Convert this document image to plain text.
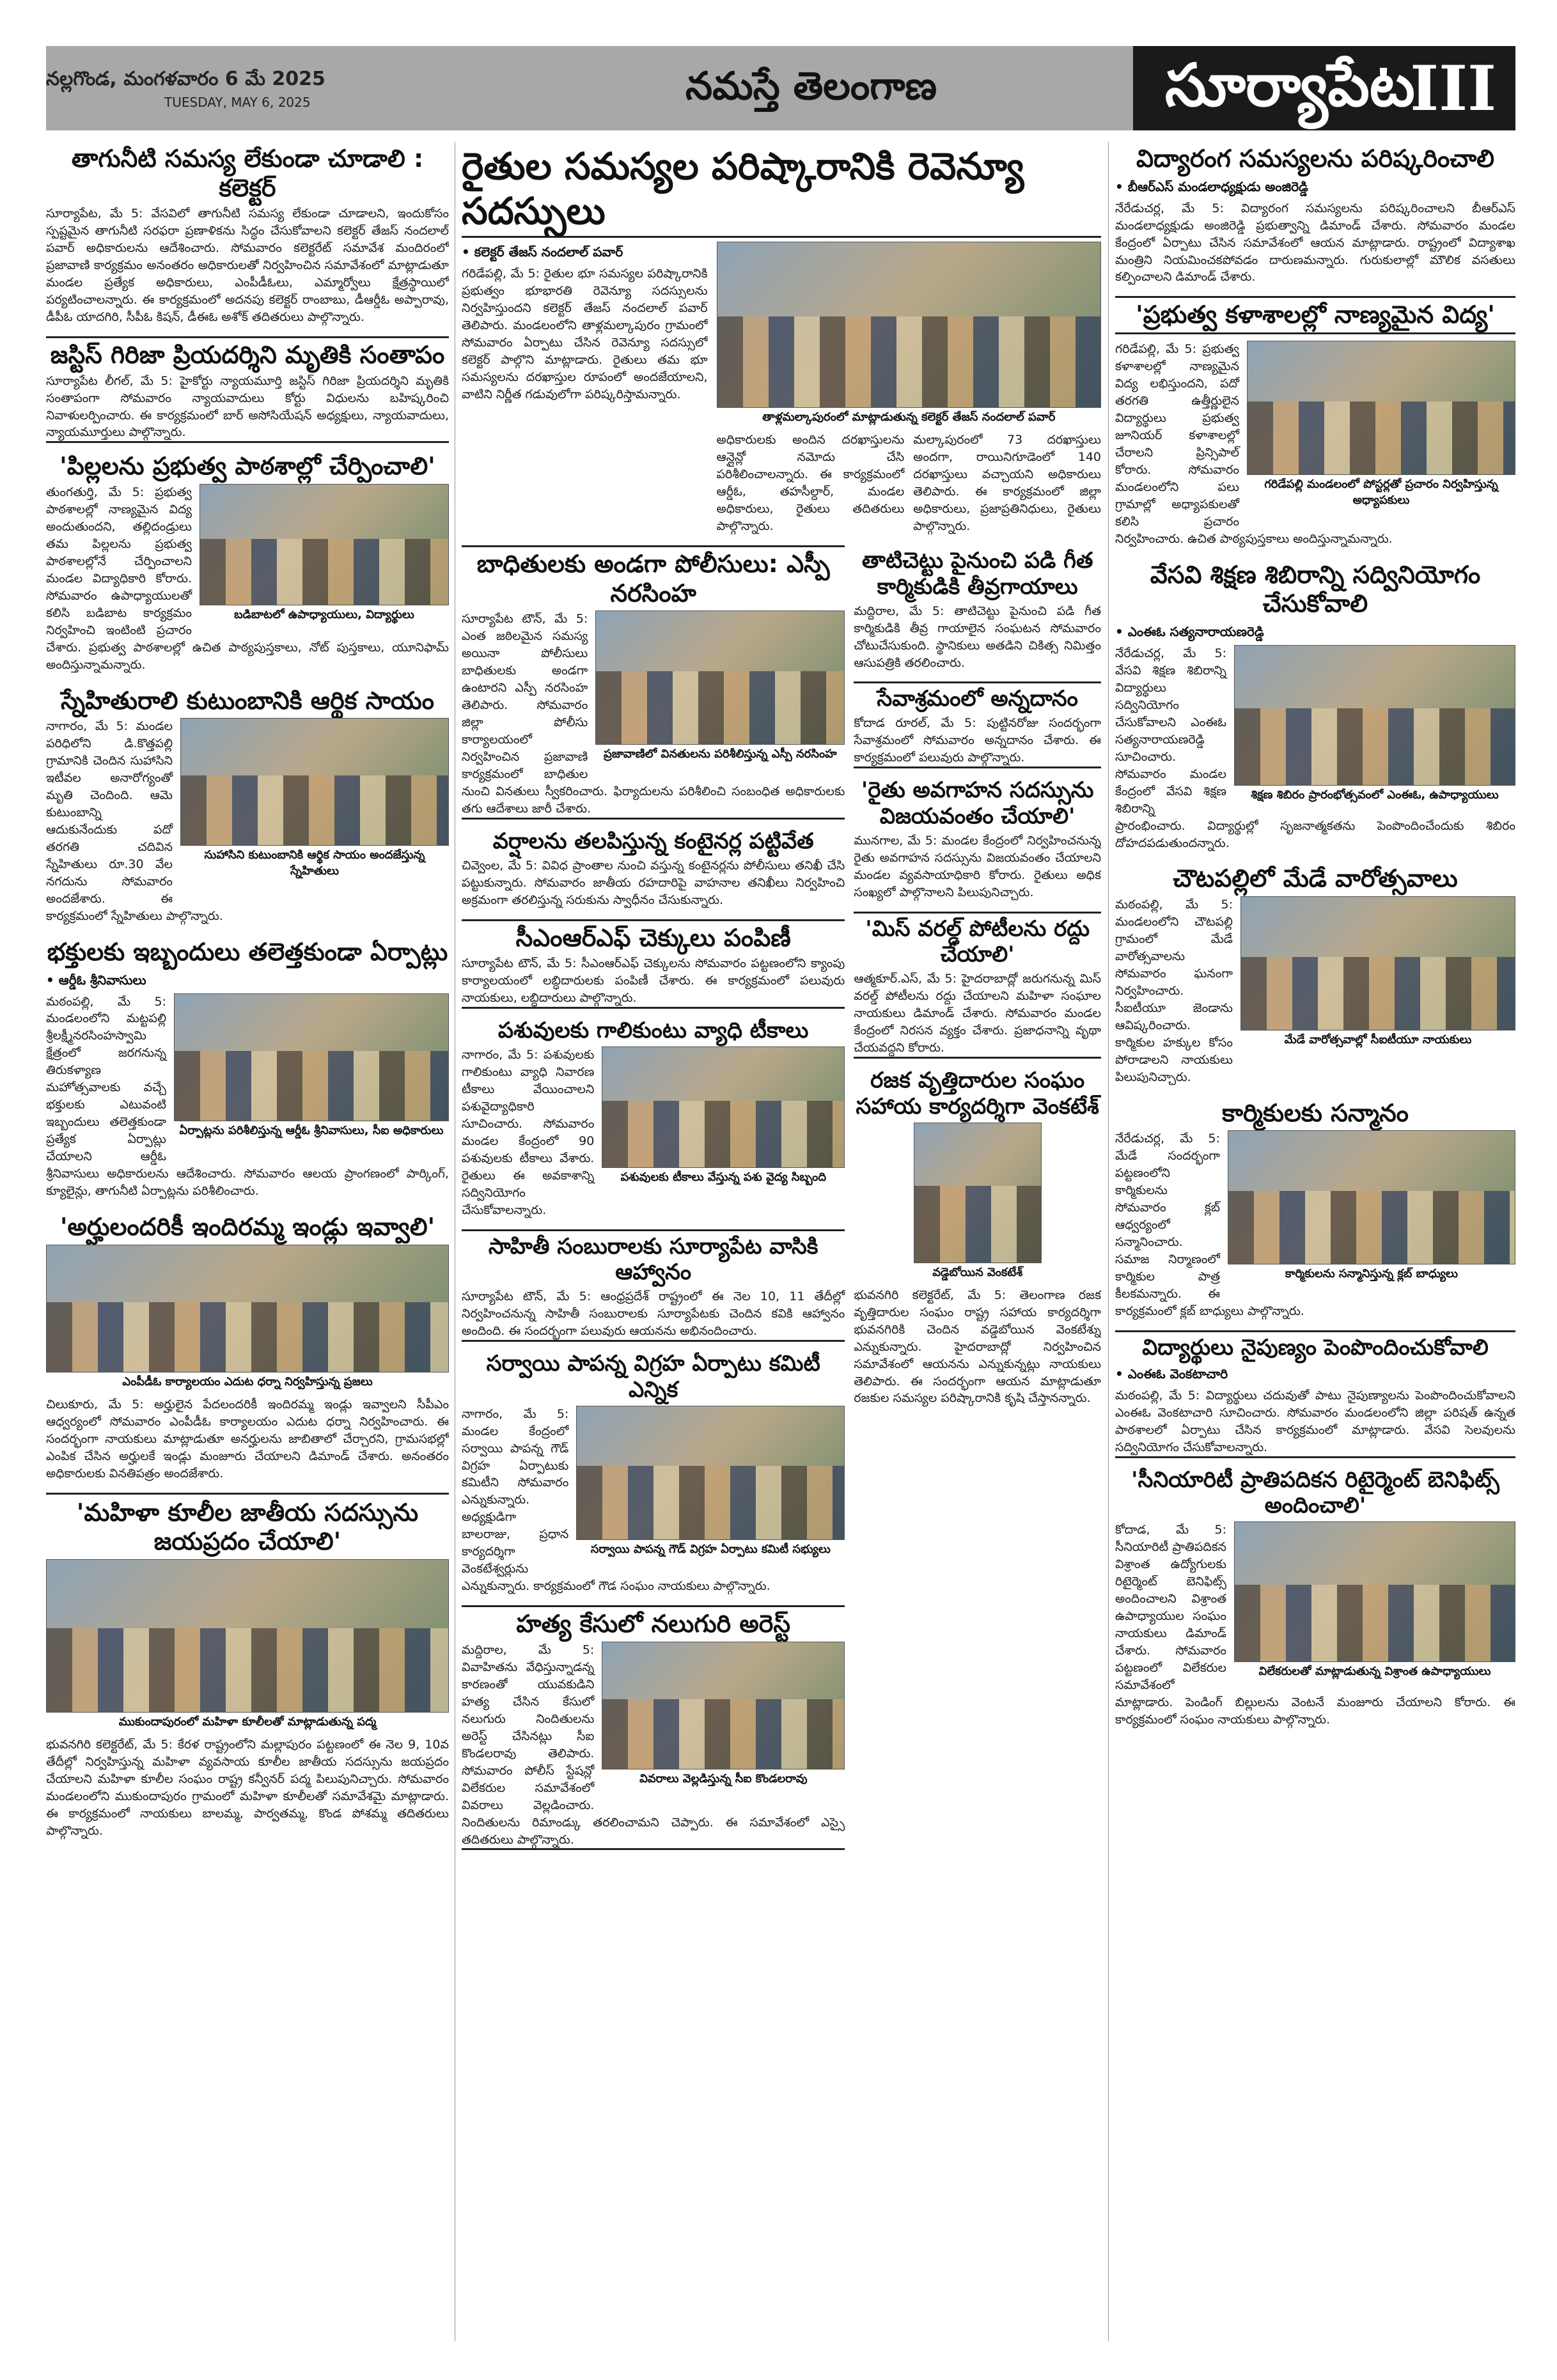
నల్లగొండ, మంగళవారం 6 మే 2025
TUESDAY, MAY 6, 2025	నమస్తే తెలంగాణ	సూర్యాపేట
III
తాగునీటి సమస్య లేకుండా చూడాలి : కలెక్టర్
సూర్యాపేట, మే 5: వేసవిలో తాగునీటి సమస్య లేకుండా చూడాలని, ఇందుకోసం స్పష్టమైన తాగునీటి సరఫరా ప్రణాళికను సిద్ధం చేసుకోవాలని కలెక్టర్ తేజస్ నందలాల్ పవార్ అధికారులను ఆదేశించారు. సోమవారం కలెక్టరేట్ సమావేశ మందిరంలో ప్రజావాణి కార్యక్రమం అనంతరం అధికారులతో నిర్వహించిన సమావేశంలో మాట్లాడుతూ మండల ప్రత్యేక అధికారులు, ఎంపీడీఓలు, ఎమ్మార్వోలు క్షేత్రస్థాయిలో పర్యటించాలన్నారు. ఈ కార్యక్రమంలో అదనపు కలెక్టర్ రాంబాబు, డీఆర్డీఓ అప్పారావు, డీపీఓ యాదగిరి, సీపీఓ కిషన్, డీఈఓ అశోక్ తదితరులు పాల్గొన్నారు.
జస్టిస్ గిరిజా ప్రియదర్శిని మృతికి సంతాపం
సూర్యాపేట లీగల్, మే 5: హైకోర్టు న్యాయమూర్తి జస్టిస్ గిరిజా ప్రియదర్శిని మృతికి సంతాపంగా సోమవారం న్యాయవాదులు కోర్టు విధులను బహిష్కరించి నివాళులర్పించారు. ఈ కార్యక్రమంలో బార్ అసోసియేషన్ అధ్యక్షులు, న్యాయవాదులు, న్యాయమూర్తులు పాల్గొన్నారు.
'పిల్లలను ప్రభుత్వ పాఠశాల్లో చేర్పించాలి'
బడిబాటలో ఉపాధ్యాయులు, విద్యార్థులు
తుంగతుర్తి, మే 5: ప్రభుత్వ పాఠశాలల్లో నాణ్యమైన విద్య అందుతుందని, తల్లిదండ్రులు తమ పిల్లలను ప్రభుత్వ పాఠశాలల్లోనే చేర్పించాలని మండల విద్యాధికారి కోరారు. సోమవారం ఉపాధ్యాయులతో కలిసి బడిబాట కార్యక్రమం నిర్వహించి ఇంటింటి ప్రచారం చేశారు. ప్రభుత్వ పాఠశాలల్లో ఉచిత పాఠ్యపుస్తకాలు, నోట్ పుస్తకాలు, యూనిఫామ్ అందిస్తున్నామన్నారు.
స్నేహితురాలి కుటుంబానికి ఆర్థిక సాయం
సుహాసిని కుటుంబానికి ఆర్థిక సాయం అందజేస్తున్న స్నేహితులు
నాగారం, మే 5: మండల పరిధిలోని డి.కొత్తపల్లి గ్రామానికి చెందిన సుహాసిని ఇటీవల అనారోగ్యంతో మృతి చెందింది. ఆమె కుటుంబాన్ని ఆదుకునేందుకు పదో తరగతి చదివిన స్నేహితులు రూ.30 వేల నగదును సోమవారం అందజేశారు. ఈ కార్యక్రమంలో స్నేహితులు పాల్గొన్నారు.
భక్తులకు ఇబ్బందులు తలెత్తకుండా ఏర్పాట్లు
• ఆర్డీఓ శ్రీనివాసులు
ఏర్పాట్లను పరిశీలిస్తున్న ఆర్డీఓ శ్రీనివాసులు, సీఐ అధికారులు
మఠంపల్లి, మే 5: మండలంలోని మట్టపల్లి శ్రీలక్ష్మీనరసింహస్వామి క్షేత్రంలో జరగనున్న తిరుకళ్యాణ మహోత్సవాలకు వచ్చే భక్తులకు ఎటువంటి ఇబ్బందులు తలెత్తకుండా ప్రత్యేక ఏర్పాట్లు చేయాలని ఆర్డీఓ శ్రీనివాసులు అధికారులను ఆదేశించారు. సోమవారం ఆలయ ప్రాంగణంలో పార్కింగ్, క్యూలైన్లు, తాగునీటి ఏర్పాట్లను పరిశీలించారు.
'అర్హులందరికీ ఇందిరమ్మ ఇండ్లు ఇవ్వాలి'
ఎంపీడీఓ కార్యాలయం ఎదుట ధర్నా నిర్వహిస్తున్న ప్రజలు
చిలుకూరు, మే 5: అర్హులైన పేదలందరికీ ఇందిరమ్మ ఇండ్లు ఇవ్వాలని సీపీఎం ఆధ్వర్యంలో సోమవారం ఎంపీడీఓ కార్యాలయం ఎదుట ధర్నా నిర్వహించారు. ఈ సందర్భంగా నాయకులు మాట్లాడుతూ అనర్హులను జాబితాలో చేర్చారని, గ్రామసభల్లో ఎంపిక చేసిన అర్హులకే ఇండ్లు మంజూరు చేయాలని డిమాండ్ చేశారు. అనంతరం అధికారులకు వినతిపత్రం అందజేశారు.
'మహిళా కూలీల జాతీయ సదస్సును జయప్రదం చేయాలి'
ముకుందాపురంలో మహిళా కూలీలతో మాట్లాడుతున్న పద్మ
భువనగిరి కలెక్టరేట్, మే 5: కేరళ రాష్ట్రంలోని మల్లాపురం పట్టణంలో ఈ నెల 9, 10వ తేదీల్లో నిర్వహిస్తున్న మహిళా వ్యవసాయ కూలీల జాతీయ సదస్సును జయప్రదం చేయాలని మహిళా కూలీల సంఘం రాష్ట్ర కన్వీనర్ పద్మ పిలుపునిచ్చారు. సోమవారం మండలంలోని ముకుందాపురం గ్రామంలో మహిళా కూలీలతో సమావేశమై మాట్లాడారు. ఈ కార్యక్రమంలో నాయకులు బాలమ్మ, పార్వతమ్మ, కొండ పోశమ్మ తదితరులు పాల్గొన్నారు.
రైతుల సమస్యల పరిష్కారానికి రెవెన్యూ సదస్సులు
• కలెక్టర్ తేజస్ నందలాల్ పవార్
గరిడేపల్లి, మే 5: రైతుల భూ సమస్యల పరిష్కారానికి ప్రభుత్వం భూభారతి రెవెన్యూ సదస్సులను నిర్వహిస్తుందని కలెక్టర్ తేజస్ నందలాల్ పవార్ తెలిపారు. మండలంలోని తాళ్లమల్కాపురం గ్రామంలో సోమవారం ఏర్పాటు చేసిన రెవెన్యూ సదస్సులో కలెక్టర్ పాల్గొని మాట్లాడారు. రైతులు తమ భూ సమస్యలను దరఖాస్తుల రూపంలో అందజేయాలని, వాటిని నిర్ణీత గడువులోగా పరిష్కరిస్తామన్నారు.
తాళ్లమల్కాపురంలో మాట్లాడుతున్న కలెక్టర్ తేజస్ నందలాల్ పవార్
అధికారులకు అందిన దరఖాస్తులను ఆన్లైన్లో నమోదు చేసి పరిశీలించాలన్నారు. ఈ కార్యక్రమంలో ఆర్డీఓ, తహసీల్దార్, మండల అధికారులు, రైతులు తదితరులు పాల్గొన్నారు.
మల్కాపురంలో 73 దరఖాస్తులు అందగా, రాయినిగూడెంలో 140 దరఖాస్తులు వచ్చాయని అధికారులు తెలిపారు. ఈ కార్యక్రమంలో జిల్లా అధికారులు, ప్రజాప్రతినిధులు, రైతులు పాల్గొన్నారు.
బాధితులకు అండగా పోలీసులు: ఎస్పీ నరసింహ
ప్రజావాణిలో వినతులను పరిశీలిస్తున్న ఎస్పీ నరసింహ
సూర్యాపేట టౌన్, మే 5: ఎంత జఠిలమైన సమస్య అయినా పోలీసులు బాధితులకు అండగా ఉంటారని ఎస్పీ నరసింహ తెలిపారు. సోమవారం జిల్లా పోలీసు కార్యాలయంలో నిర్వహించిన ప్రజావాణి కార్యక్రమంలో బాధితుల నుంచి వినతులు స్వీకరించారు. ఫిర్యాదులను పరిశీలించి సంబంధిత అధికారులకు తగు ఆదేశాలు జారీ చేశారు.
వర్షాలను తలపిస్తున్న కంటైనర్ల పట్టివేత
చివ్వెంల, మే 5: వివిధ ప్రాంతాల నుంచి వస్తున్న కంటైనర్లను పోలీసులు తనిఖీ చేసి పట్టుకున్నారు. సోమవారం జాతీయ రహదారిపై వాహనాల తనిఖీలు నిర్వహించి అక్రమంగా తరలిస్తున్న సరుకును స్వాధీనం చేసుకున్నారు.
సీఎంఆర్ఎఫ్ చెక్కులు పంపిణీ
సూర్యాపేట టౌన్, మే 5: సీఎంఆర్ఎఫ్ చెక్కులను సోమవారం పట్టణంలోని క్యాంపు కార్యాలయంలో లబ్ధిదారులకు పంపిణీ చేశారు. ఈ కార్యక్రమంలో పలువురు నాయకులు, లబ్ధిదారులు పాల్గొన్నారు.
పశువులకు గాలికుంటు వ్యాధి టీకాలు
పశువులకు టీకాలు వేస్తున్న పశు వైద్య సిబ్బంది
నాగారం, మే 5: పశువులకు గాలికుంటు వ్యాధి నివారణ టీకాలు వేయించాలని పశువైద్యాధికారి సూచించారు. సోమవారం మండల కేంద్రంలో 90 పశువులకు టీకాలు వేశారు. రైతులు ఈ అవకాశాన్ని సద్వినియోగం చేసుకోవాలన్నారు.
సాహితీ సంబురాలకు సూర్యాపేట వాసికి ఆహ్వానం
సూర్యాపేట టౌన్, మే 5: ఆంధ్రప్రదేశ్ రాష్ట్రంలో ఈ నెల 10, 11 తేదీల్లో నిర్వహించనున్న సాహితీ సంబురాలకు సూర్యాపేటకు చెందిన కవికి ఆహ్వానం అందింది. ఈ సందర్భంగా పలువురు ఆయనను అభినందించారు.
సర్వాయి పాపన్న విగ్రహ ఏర్పాటు కమిటీ ఎన్నిక
సర్వాయి పాపన్న గౌడ్ విగ్రహ ఏర్పాటు కమిటీ సభ్యులు
నాగారం, మే 5: మండల కేంద్రంలో సర్వాయి పాపన్న గౌడ్ విగ్రహ ఏర్పాటుకు కమిటీని సోమవారం ఎన్నుకున్నారు. అధ్యక్షుడిగా బాలరాజు, ప్రధాన కార్యదర్శిగా వెంకటేశ్వర్లును ఎన్నుకున్నారు. కార్యక్రమంలో గౌడ సంఘం నాయకులు పాల్గొన్నారు.
హత్య కేసులో నలుగురి అరెస్ట్
వివరాలు వెల్లడిస్తున్న సీఐ కొండలరావు
మద్దిరాల, మే 5: వివాహితను వేధిస్తున్నాడన్న కారణంతో యువకుడిని హత్య చేసిన కేసులో నలుగురు నిందితులను అరెస్ట్ చేసినట్లు సీఐ కొండలరావు తెలిపారు. సోమవారం పోలీస్ స్టేషన్లో విలేకరుల సమావేశంలో వివరాలు వెల్లడించారు. నిందితులను రిమాండ్కు తరలించామని చెప్పారు. ఈ సమావేశంలో ఎస్సై తదితరులు పాల్గొన్నారు.
తాటిచెట్టు పైనుంచి పడి గీత కార్మికుడికి తీవ్రగాయాలు
మద్దిరాల, మే 5: తాటిచెట్టు పైనుంచి పడి గీత కార్మికుడికి తీవ్ర గాయాలైన సంఘటన సోమవారం చోటుచేసుకుంది. స్థానికులు అతడిని చికిత్స నిమిత్తం ఆసుపత్రికి తరలించారు.
సేవాశ్రమంలో అన్నదానం
కోదాడ రూరల్, మే 5: పుట్టినరోజు సందర్భంగా సేవాశ్రమంలో సోమవారం అన్నదానం చేశారు. ఈ కార్యక్రమంలో పలువురు పాల్గొన్నారు.
'రైతు అవగాహన సదస్సును విజయవంతం చేయాలి'
మునగాల, మే 5: మండల కేంద్రంలో నిర్వహించనున్న రైతు అవగాహన సదస్సును విజయవంతం చేయాలని మండల వ్యవసాయాధికారి కోరారు. రైతులు అధిక సంఖ్యలో పాల్గొనాలని పిలుపునిచ్చారు.
'మిస్ వరల్డ్ పోటీలను రద్దు చేయాలి'
ఆత్మకూర్.ఎస్, మే 5: హైదరాబాద్లో జరుగనున్న మిస్ వరల్డ్ పోటీలను రద్దు చేయాలని మహిళా సంఘాల నాయకులు డిమాండ్ చేశారు. సోమవారం మండల కేంద్రంలో నిరసన వ్యక్తం చేశారు. ప్రజాధనాన్ని వృథా చేయవద్దని కోరారు.
రజక వృత్తిదారుల సంఘం సహాయ కార్యదర్శిగా వెంకటేశ్
వడ్డెబోయిన వెంకటేశ్
భువనగిరి కలెక్టరేట్, మే 5: తెలంగాణ రజక వృత్తిదారుల సంఘం రాష్ట్ర సహాయ కార్యదర్శిగా భువనగిరికి చెందిన వడ్డెబోయిన వెంకటేశ్ను ఎన్నుకున్నారు. హైదరాబాద్లో నిర్వహించిన సమావేశంలో ఆయనను ఎన్నుకున్నట్లు నాయకులు తెలిపారు. ఈ సందర్భంగా ఆయన మాట్లాడుతూ రజకుల సమస్యల పరిష్కారానికి కృషి చేస్తానన్నారు.
విద్యారంగ సమస్యలను పరిష్కరించాలి
• బీఆర్ఎస్ మండలాధ్యక్షుడు అంజిరెడ్డి
నేరేడుచర్ల, మే 5: విద్యారంగ సమస్యలను పరిష్కరించాలని బీఆర్ఎస్ మండలాధ్యక్షుడు అంజిరెడ్డి ప్రభుత్వాన్ని డిమాండ్ చేశారు. సోమవారం మండల కేంద్రంలో ఏర్పాటు చేసిన సమావేశంలో ఆయన మాట్లాడారు. రాష్ట్రంలో విద్యాశాఖ మంత్రిని నియమించకపోవడం దారుణమన్నారు. గురుకులాల్లో మౌలిక వసతులు కల్పించాలని డిమాండ్ చేశారు.
'ప్రభుత్వ కళాశాలల్లో నాణ్యమైన విద్య'
గరిడేపల్లి మండలంలో పోస్టర్లతో ప్రచారం నిర్వహిస్తున్న అధ్యాపకులు
గరిడేపల్లి, మే 5: ప్రభుత్వ కళాశాలల్లో నాణ్యమైన విద్య లభిస్తుందని, పదో తరగతి ఉత్తీర్ణులైన విద్యార్థులు ప్రభుత్వ జూనియర్ కళాశాలల్లో చేరాలని ప్రిన్సిపాల్ కోరారు. సోమవారం మండలంలోని పలు గ్రామాల్లో అధ్యాపకులతో కలిసి ప్రచారం నిర్వహించారు. ఉచిత పాఠ్యపుస్తకాలు అందిస్తున్నామన్నారు.
వేసవి శిక్షణ శిబిరాన్ని సద్వినియోగం చేసుకోవాలి
• ఎంఈఓ సత్యనారాయణరెడ్డి
శిక్షణ శిబిరం ప్రారంభోత్సవంలో ఎంఈఓ, ఉపాధ్యాయులు
నేరేడుచర్ల, మే 5: వేసవి శిక్షణ శిబిరాన్ని విద్యార్థులు సద్వినియోగం చేసుకోవాలని ఎంఈఓ సత్యనారాయణరెడ్డి సూచించారు. సోమవారం మండల కేంద్రంలో వేసవి శిక్షణ శిబిరాన్ని ప్రారంభించారు. విద్యార్థుల్లో సృజనాత్మకతను పెంపొందించేందుకు శిబిరం దోహదపడుతుందన్నారు.
చౌటపల్లిలో మేడే వారోత్సవాలు
మేడే వారోత్సవాల్లో సీఐటీయూ నాయకులు
మఠంపల్లి, మే 5: మండలంలోని చౌటపల్లి గ్రామంలో మేడే వారోత్సవాలను సోమవారం ఘనంగా నిర్వహించారు. సీఐటీయూ జెండాను ఆవిష్కరించారు. కార్మికుల హక్కుల కోసం పోరాడాలని నాయకులు పిలుపునిచ్చారు.
కార్మికులకు సన్మానం
కార్మికులను సన్మానిస్తున్న క్లబ్ బాధ్యులు
నేరేడుచర్ల, మే 5: మేడే సందర్భంగా పట్టణంలోని కార్మికులను సోమవారం క్లబ్ ఆధ్వర్యంలో సన్మానించారు. సమాజ నిర్మాణంలో కార్మికుల పాత్ర కీలకమన్నారు. ఈ కార్యక్రమంలో క్లబ్ బాధ్యులు పాల్గొన్నారు.
విద్యార్థులు నైపుణ్యం పెంపొందించుకోవాలి
• ఎంఈఓ వెంకటాచారి
మఠంపల్లి, మే 5: విద్యార్థులు చదువుతో పాటు నైపుణ్యాలను పెంపొందించుకోవాలని ఎంఈఓ వెంకటాచారి సూచించారు. సోమవారం మండలంలోని జిల్లా పరిషత్ ఉన్నత పాఠశాలలో ఏర్పాటు చేసిన కార్యక్రమంలో మాట్లాడారు. వేసవి సెలవులను సద్వినియోగం చేసుకోవాలన్నారు.
'సీనియారిటీ ప్రాతిపదికన రిటైర్మెంట్ బెనిఫిట్స్ అందించాలి'
విలేకరులతో మాట్లాడుతున్న విశ్రాంత ఉపాధ్యాయులు
కోదాడ, మే 5: సీనియారిటీ ప్రాతిపదికన విశ్రాంత ఉద్యోగులకు రిటైర్మెంట్ బెనిఫిట్స్ అందించాలని విశ్రాంత ఉపాధ్యాయుల సంఘం నాయకులు డిమాండ్ చేశారు. సోమవారం పట్టణంలో విలేకరుల సమావేశంలో మాట్లాడారు. పెండింగ్ బిల్లులను వెంటనే మంజూరు చేయాలని కోరారు. ఈ కార్యక్రమంలో సంఘం నాయకులు పాల్గొన్నారు.
